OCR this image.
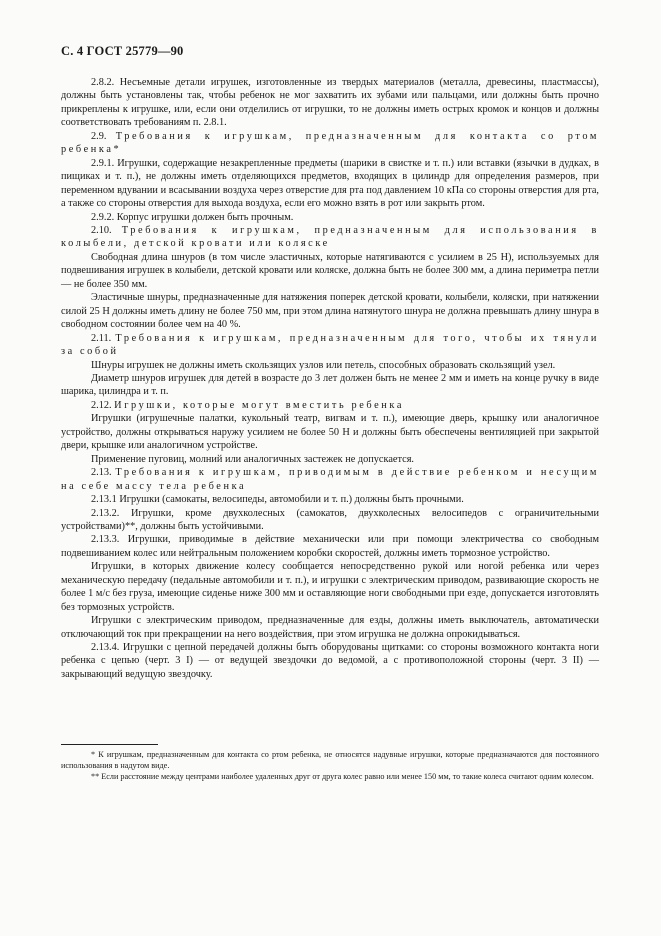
С. 4 ГОСТ 25779—90

2.8.2. Несъемные детали игрушек, изготовленные из твердых материалов (металла, древесины, пластмассы), должны быть установлены так, чтобы ребенок не мог захватить их зубами или пальцами, или должны быть прочно прикреплены к игрушке, или, если они отделились от игрушки, то не должны иметь острых кромок и концов и должны соответствовать требованиям п. 2.8.1.

2.9. Требования к игрушкам, предназначенным для контакта со ртом ребенка*

2.9.1. Игрушки, содержащие незакрепленные предметы (шарики в свистке и т. п.) или вставки (язычки в дудках, в пищиках и т. п.), не должны иметь отделяющихся предметов, входящих в цилиндр для определения размеров, при переменном вдувании и всасывании воздуха через отверстие для рта под давлением 10 кПа со стороны отверстия для рта, а также со стороны отверстия для выхода воздуха, если его можно взять в рот или закрыть ртом.

2.9.2. Корпус игрушки должен быть прочным.

2.10. Требования к игрушкам, предназначенным для использования в колыбели, детской кровати или коляске

Свободная длина шнуров (в том числе эластичных, которые натягиваются с усилием в 25 Н), используемых для подвешивания игрушек в колыбели, детской кровати или коляске, должна быть не более 300 мм, а длина периметра петли — не более 350 мм.

Эластичные шнуры, предназначенные для натяжения поперек детской кровати, колыбели, коляски, при натяжении силой 25 Н должны иметь длину не более 750 мм, при этом длина натянутого шнура не должна превышать длину шнура в свободном состоянии более чем на 40 %.

2.11. Требования к игрушкам, предназначенным для того, чтобы их тянули за собой

Шнуры игрушек не должны иметь скользящих узлов или петель, способных образовать скользящий узел.

Диаметр шнуров игрушек для детей в возрасте до 3 лет должен быть не менее 2 мм и иметь на конце ручку в виде шарика, цилиндра и т. п.

2.12. Игрушки, которые могут вместить ребенка

Игрушки (игрушечные палатки, кукольный театр, вигвам и т. п.), имеющие дверь, крышку или аналогичное устройство, должны открываться наружу усилием не более 50 Н и должны быть обеспечены вентиляцией при закрытой двери, крышке или аналогичном устройстве.

Применение пуговиц, молний или аналогичных застежек не допускается.

2.13. Требования к игрушкам, приводимым в действие ребенком и несущим на себе массу тела ребенка

2.13.1 Игрушки (самокаты, велосипеды, автомобили и т. п.) должны быть прочными.

2.13.2. Игрушки, кроме двухколесных (самокатов, двухколесных велосипедов с ограничительными устройствами)**, должны быть устойчивыми.

2.13.3. Игрушки, приводимые в действие механически или при помощи электричества со свободным подвешиванием колес или нейтральным положением коробки скоростей, должны иметь тормозное устройство.

Игрушки, в которых движение колесу сообщается непосредственно рукой или ногой ребенка или через механическую передачу (педальные автомобили и т. п.), и игрушки с электрическим приводом, развивающие скорость не более 1 м/с без груза, имеющие сиденье ниже 300 мм и оставляющие ноги свободными при езде, допускается изготовлять без тормозных устройств.

Игрушки с электрическим приводом, предназначенные для езды, должны иметь выключатель, автоматически отключающий ток при прекращении на него воздействия, при этом игрушка не должна опрокидываться.

2.13.4. Игрушки с цепной передачей должны быть оборудованы щитками: со стороны возможного контакта ноги ребенка с цепью (черт. 3 I) — от ведущей звездочки до ведомой, а с противоположной стороны (черт. 3 II) — закрывающий ведущую звездочку.

* К игрушкам, предназначенным для контакта со ртом ребенка, не относятся надувные игрушки, которые предназначаются для постоянного использования в надутом виде.

** Если расстояние между центрами наиболее удаленных друг от друга колес равно или менее 150 мм, то такие колеса считают одним колесом.
